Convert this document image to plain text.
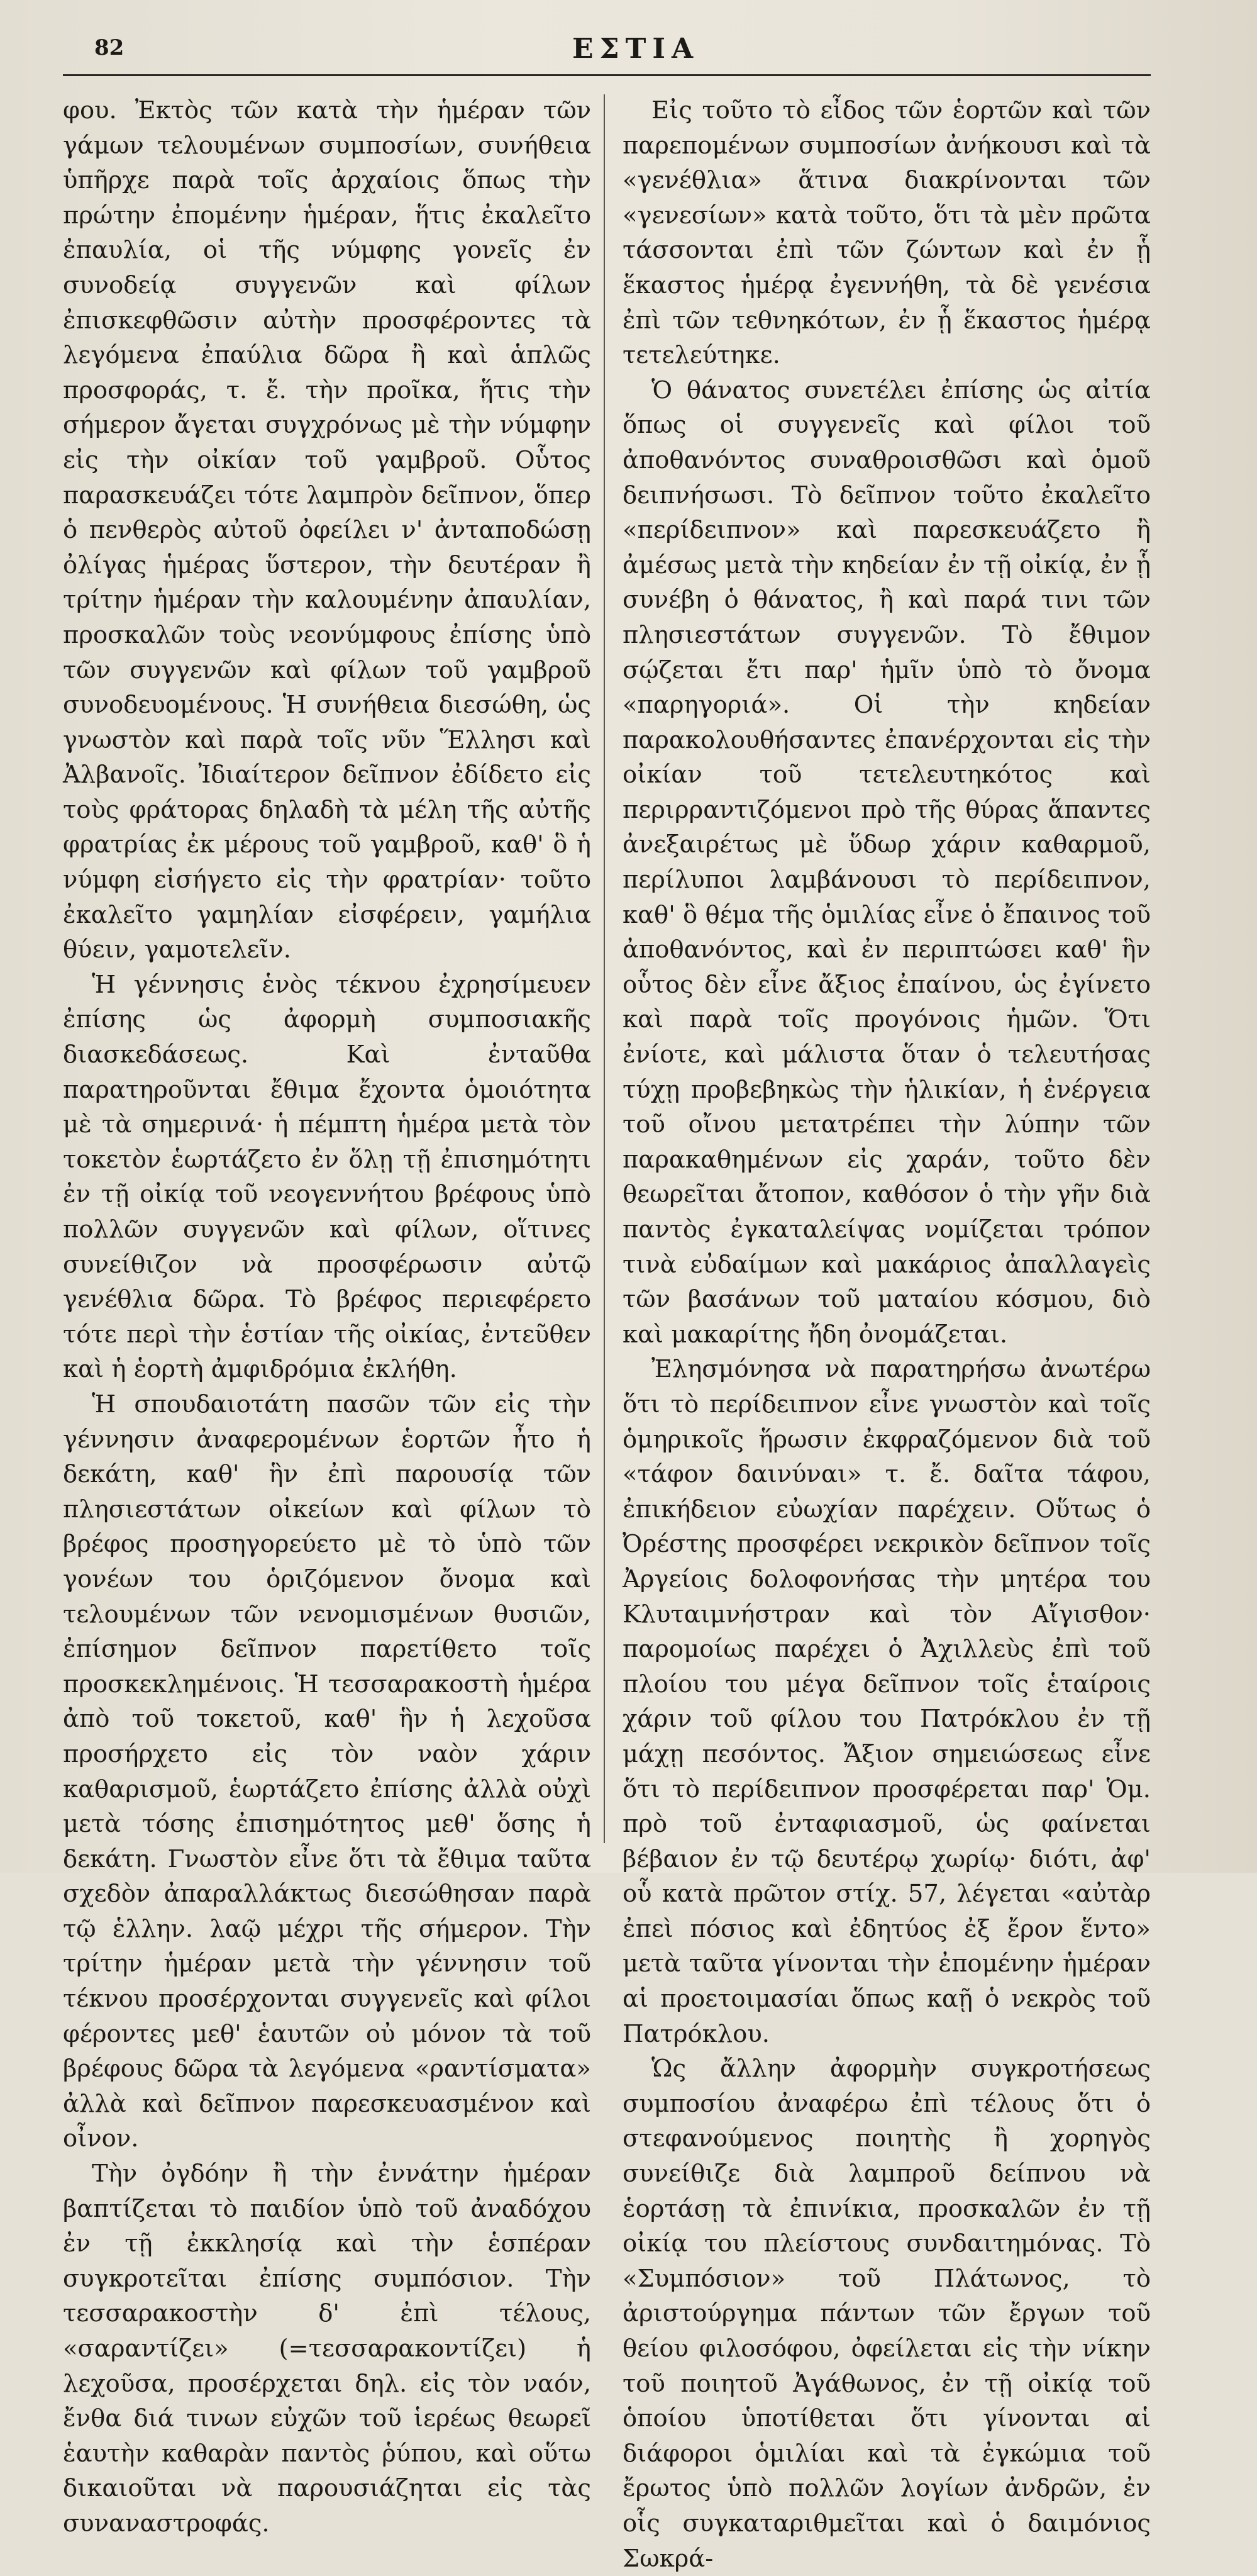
82	ΕΣΤΙΑ

φου. Ἐκτὸς τῶν κατὰ τὴν ἡμέραν τῶν γάμων τελουμένων συμποσίων, συνήθεια ὑπῆρχε παρὰ τοῖς ἀρχαίοις ὅπως τὴν πρώτην ἐπομένην ἡμέραν, ἥτις ἐκαλεῖτο ἐπαυλία, οἱ τῆς νύμφης γονεῖς ἐν συνοδείᾳ συγγενῶν καὶ φίλων ἐπισκεφθῶσιν αὐτὴν προσφέροντες τὰ λεγόμενα ἐπαύλια δῶρα ἢ καὶ ἁπλῶς προσφοράς, τ. ἔ. τὴν προῖκα, ἥτις τὴν σήμερον ἄγεται συγχρόνως μὲ τὴν νύμφην εἰς τὴν οἰκίαν τοῦ γαμβροῦ. Οὗτος παρασκευάζει τότε λαμπρὸν δεῖπνον, ὅπερ ὁ πενθερὸς αὐτοῦ ὀφείλει ν' ἀνταποδώσῃ ὀλίγας ἡμέρας ὕστερον, τὴν δευτέραν ἢ τρίτην ἡμέραν τὴν καλουμένην ἀπαυλίαν, προσκαλῶν τοὺς νεονύμφους ἐπίσης ὑπὸ τῶν συγγενῶν καὶ φίλων τοῦ γαμβροῦ συνοδευομένους. Ἡ συνήθεια διεσώθη, ὡς γνωστὸν καὶ παρὰ τοῖς νῦν Ἕλλησι καὶ Ἀλβανοῖς. Ἰδιαίτερον δεῖπνον ἐδίδετο εἰς τοὺς φράτορας δηλαδὴ τὰ μέλη τῆς αὐτῆς φρατρίας ἐκ μέρους τοῦ γαμβροῦ, καθ' ὃ ἡ νύμφη εἰσήγετο εἰς τὴν φρατρίαν· τοῦτο ἐκαλεῖτο γαμηλίαν εἰσφέρειν, γαμήλια θύειν, γαμοτελεῖν.

Ἡ γέννησις ἑνὸς τέκνου ἐχρησίμευεν ἐπίσης ὡς ἀφορμὴ συμποσιακῆς διασκεδάσεως. Καὶ ἐνταῦθα παρατηροῦνται ἔθιμα ἔχοντα ὁμοιότητα μὲ τὰ σημερινά· ἡ πέμπτη ἡμέρα μετὰ τὸν τοκετὸν ἑωρτάζετο ἐν ὅλῃ τῇ ἐπισημότητι ἐν τῇ οἰκίᾳ τοῦ νεογεννήτου βρέφους ὑπὸ πολλῶν συγγενῶν καὶ φίλων, οἵτινες συνείθιζον νὰ προσφέρωσιν αὐτῷ γενέθλια δῶρα. Τὸ βρέφος περιεφέρετο τότε περὶ τὴν ἑστίαν τῆς οἰκίας, ἐντεῦθεν καὶ ἡ ἑορτὴ ἀμφιδρόμια ἐκλήθη.

Ἡ σπουδαιοτάτη πασῶν τῶν εἰς τὴν γέννησιν ἀναφερομένων ἑορτῶν ἦτο ἡ δεκάτη, καθ' ἣν ἐπὶ παρουσίᾳ τῶν πλησιεστάτων οἰκείων καὶ φίλων τὸ βρέφος προσηγορεύετο μὲ τὸ ὑπὸ τῶν γονέων του ὁριζόμενον ὄνομα καὶ τελουμένων τῶν νενομισμένων θυσιῶν, ἐπίσημον δεῖπνον παρετίθετο τοῖς προσκεκλημένοις. Ἡ τεσσαρακοστὴ ἡμέρα ἀπὸ τοῦ τοκετοῦ, καθ' ἣν ἡ λεχοῦσα προσήρχετο εἰς τὸν ναὸν χάριν καθαρισμοῦ, ἑωρτάζετο ἐπίσης ἀλλὰ οὐχὶ μετὰ τόσης ἐπισημότητος μεθ' ὅσης ἡ δεκάτη. Γνωστὸν εἶνε ὅτι τὰ ἔθιμα ταῦτα σχεδὸν ἀπαραλλάκτως διεσώθησαν παρὰ τῷ ἑλλην. λαῷ μέχρι τῆς σήμερον. Τὴν τρίτην ἡμέραν μετὰ τὴν γέννησιν τοῦ τέκνου προσέρχονται συγγενεῖς καὶ φίλοι φέροντες μεθ' ἑαυτῶν οὐ μόνον τὰ τοῦ βρέφους δῶρα τὰ λεγόμενα «ραντίσματα» ἀλλὰ καὶ δεῖπνον παρεσκευασμένον καὶ οἶνον.

Τὴν ὀγδόην ἢ τὴν ἐννάτην ἡμέραν βαπτίζεται τὸ παιδίον ὑπὸ τοῦ ἀναδόχου ἐν τῇ ἐκκλησίᾳ καὶ τὴν ἑσπέραν συγκροτεῖται ἐπίσης συμπόσιον. Τὴν τεσσαρακοστὴν δ' ἐπὶ τέλους, «σαραντίζει» (=τεσσαρακοντίζει) ἡ λεχοῦσα, προσέρχεται δηλ. εἰς τὸν ναόν, ἔνθα διά τινων εὐχῶν τοῦ ἱερέως θεωρεῖ ἑαυτὴν καθαρὰν παντὸς ῥύπου, καὶ οὕτω δικαιοῦται νὰ παρουσιάζηται εἰς τὰς συναναστροφάς.

Εἰς τοῦτο τὸ εἶδος τῶν ἑορτῶν καὶ τῶν παρεπομένων συμποσίων ἀνήκουσι καὶ τὰ «γενέθλια» ἅτινα διακρίνονται τῶν «γενεσίων» κατὰ τοῦτο, ὅτι τὰ μὲν πρῶτα τάσσονται ἐπὶ τῶν ζώντων καὶ ἐν ᾗ ἕκαστος ἡμέρᾳ ἐγεννήθη, τὰ δὲ γενέσια ἐπὶ τῶν τεθνηκότων, ἐν ᾗ ἕκαστος ἡμέρᾳ τετελεύτηκε.

Ὁ θάνατος συνετέλει ἐπίσης ὡς αἰτία ὅπως οἱ συγγενεῖς καὶ φίλοι τοῦ ἀποθανόντος συναθροισθῶσι καὶ ὁμοῦ δειπνήσωσι. Τὸ δεῖπνον τοῦτο ἐκαλεῖτο «περίδειπνον» καὶ παρεσκευάζετο ἢ ἀμέσως μετὰ τὴν κηδείαν ἐν τῇ οἰκίᾳ, ἐν ᾗ συνέβη ὁ θάνατος, ἢ καὶ παρά τινι τῶν πλησιεστάτων συγγενῶν. Τὸ ἔθιμον σῴζεται ἔτι παρ' ἡμῖν ὑπὸ τὸ ὄνομα «παρηγοριά». Οἱ τὴν κηδείαν παρακολουθήσαντες ἐπανέρχονται εἰς τὴν οἰκίαν τοῦ τετελευτηκότος καὶ περιρραντιζόμενοι πρὸ τῆς θύρας ἅπαντες ἀνεξαιρέτως μὲ ὕδωρ χάριν καθαρμοῦ, περίλυποι λαμβάνουσι τὸ περίδειπνον, καθ' ὃ θέμα τῆς ὁμιλίας εἶνε ὁ ἔπαινος τοῦ ἀποθανόντος, καὶ ἐν περιπτώσει καθ' ἣν οὗτος δὲν εἶνε ἄξιος ἐπαίνου, ὡς ἐγίνετο καὶ παρὰ τοῖς προγόνοις ἡμῶν. Ὅτι ἐνίοτε, καὶ μάλιστα ὅταν ὁ τελευτήσας τύχῃ προβεβηκὼς τὴν ἡλικίαν, ἡ ἐνέργεια τοῦ οἴνου μετατρέπει τὴν λύπην τῶν παρακαθημένων εἰς χαράν, τοῦτο δὲν θεωρεῖται ἄτοπον, καθόσον ὁ τὴν γῆν διὰ παντὸς ἐγκαταλείψας νομίζεται τρόπον τινὰ εὐδαίμων καὶ μακάριος ἀπαλλαγεὶς τῶν βασάνων τοῦ ματαίου κόσμου, διὸ καὶ μακαρίτης ἤδη ὀνομάζεται.

Ἐλησμόνησα νὰ παρατηρήσω ἀνωτέρω ὅτι τὸ περίδειπνον εἶνε γνωστὸν καὶ τοῖς ὁμηρικοῖς ἥρωσιν ἐκφραζόμενον διὰ τοῦ «τάφον δαινύναι» τ. ἔ. δαῖτα τάφου, ἐπικήδειον εὐωχίαν παρέχειν. Οὕτως ὁ Ὀρέστης προσφέρει νεκρικὸν δεῖπνον τοῖς Ἀργείοις δολοφονήσας τὴν μητέρα του Κλυταιμνήστραν καὶ τὸν Αἴγισθον· παρομοίως παρέχει ὁ Ἀχιλλεὺς ἐπὶ τοῦ πλοίου του μέγα δεῖπνον τοῖς ἑταίροις χάριν τοῦ φίλου του Πατρόκλου ἐν τῇ μάχῃ πεσόντος. Ἄξιον σημειώσεως εἶνε ὅτι τὸ περίδειπνον προσφέρεται παρ' Ὁμ. πρὸ τοῦ ἐνταφιασμοῦ, ὡς φαίνεται βέβαιον ἐν τῷ δευτέρῳ χωρίῳ· διότι, ἀφ' οὗ κατὰ πρῶτον στίχ. 57, λέγεται «αὐτὰρ ἐπεὶ πόσιος καὶ ἐδητύος ἐξ ἔρον ἕντο» μετὰ ταῦτα γίνονται τὴν ἐπομένην ἡμέραν αἱ προετοιμασίαι ὅπως καῇ ὁ νεκρὸς τοῦ Πατρόκλου.

Ὡς ἄλλην ἀφορμὴν συγκροτήσεως συμποσίου ἀναφέρω ἐπὶ τέλους ὅτι ὁ στεφανούμενος ποιητὴς ἢ χορηγὸς συνείθιζε διὰ λαμπροῦ δείπνου νὰ ἑορτάσῃ τὰ ἐπινίκια, προσκαλῶν ἐν τῇ οἰκίᾳ του πλείστους συνδαιτημόνας. Τὸ «Συμπόσιον» τοῦ Πλάτωνος, τὸ ἀριστούργημα πάντων τῶν ἔργων τοῦ θείου φιλοσόφου, ὀφείλεται εἰς τὴν νίκην τοῦ ποιητοῦ Ἀγάθωνος, ἐν τῇ οἰκίᾳ τοῦ ὁποίου ὑποτίθεται ὅτι γίνονται αἱ διάφοροι ὁμιλίαι καὶ τὰ ἐγκώμια τοῦ ἔρωτος ὑπὸ πολλῶν λογίων ἀνδρῶν, ἐν οἷς συγκαταριθμεῖται καὶ ὁ δαιμόνιος Σωκρά-
